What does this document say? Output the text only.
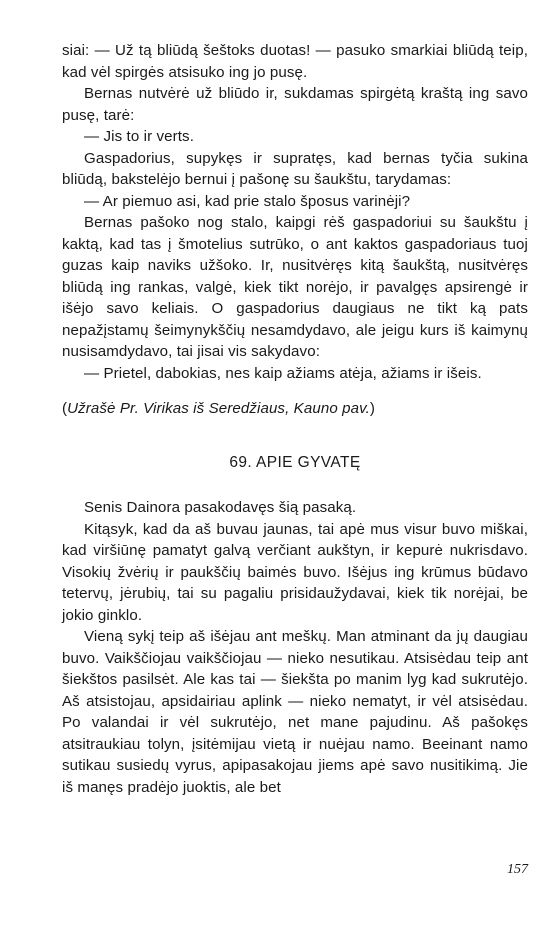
siai: — Už tą bliūdą šeštoks duotas! — pasuko smarkiai bliūdą teip, kad vėl spirgės atsisuko ing jo pusę.

Bernas nutvėrė už bliūdo ir, sukdamas spirgėtą kraštą ing savo pusę, tarė:

— Jis to ir verts.

Gaspadorius, supykęs ir supratęs, kad bernas tyčia sukina bliūdą, bakstelėjo bernui į pašonę su šaukštu, tarydamas:

— Ar piemuo asi, kad prie stalo šposus varinėji?

Bernas pašoko nog stalo, kaipgi rėš gaspadoriui su šaukštu į kaktą, kad tas į šmotelius sutrūko, o ant kaktos gaspadoriaus tuoj guzas kaip naviks užšoko. Ir, nusitvėręs kitą šaukštą, nusitvėręs bliūdą ing rankas, valgė, kiek tikt norėjo, ir pavalgęs apsirengė ir išėjo savo keliais. O gaspadorius daugiaus ne tikt ką pats nepažįstamų šeimynykščių nesamdydavo, ale jeigu kurs iš kaimynų nusisamdydavo, tai jisai vis sakydavo:

— Prietel, dabokias, nes kaip ažiams atėja, ažiams ir išeis.

(Užrašė Pr. Virikas iš Seredžiaus, Kauno pav.)

69. APIE GYVATĘ

Senis Dainora pasakodavęs šią pasaką.

Kitąsyk, kad da aš buvau jaunas, tai apė mus visur buvo miškai, kad viršiūnę pamatyt galvą verčiant aukštyn, ir kepurė nukrisdavo. Visokių žvėrių ir paukščių baimės buvo. Išėjus ing krūmus būdavo tetervų, jėrubių, tai su pagaliu prisidaužydavai, kiek tik norėjai, be jokio ginklo.

Vieną sykį teip aš išėjau ant meškų. Man atminant da jų daugiau buvo. Vaikščiojau vaikščiojau — nieko nesutikau. Atsisėdau teip ant šiekštos pasilsėt. Ale kas tai — šiekšta po manim lyg kad sukrutėjo. Aš atsistojau, apsidairiau aplink — nieko nematyt, ir vėl atsisėdau. Po valandai ir vėl sukrutėjo, net mane pajudinu. Aš pašokęs atsitraukiau tolyn, įsitėmijau vietą ir nuėjau namo. Beeinant namo sutikau susiedų vyrus, apipasakojau jiems apė savo nusitikimą. Jie iš manęs pradėjo juoktis, ale bet

157
